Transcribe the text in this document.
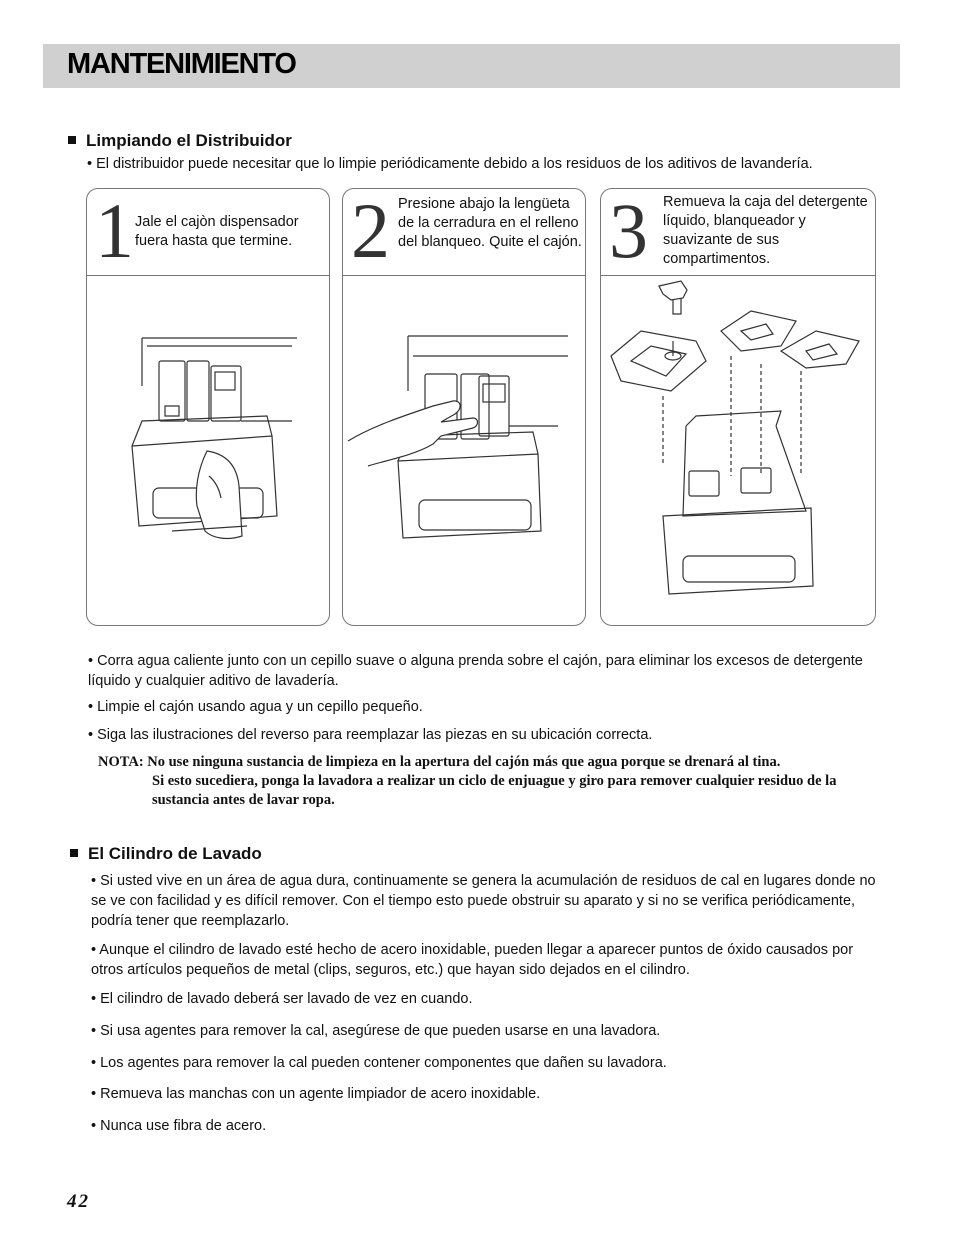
MANTENIMIENTO
Limpiando el Distribuidor
• El distribuidor puede necesitar que lo limpie periódicamente debido a los residuos de los aditivos de lavandería.
1 Jale el cajòn dispensador fuera hasta que termine. 2 Presione abajo la lengüeta de la cerradura en el relleno del blanqueo. Quite el cajón. 3 Remueva la caja del detergente líquido, blanqueador y suavizante de sus compartimentos.
• Corra agua caliente junto con un cepillo suave o alguna prenda sobre el cajón, para eliminar los excesos de detergente líquido y cualquier aditivo de lavadería.
• Limpie el cajón usando agua y un cepillo pequeño.
• Siga las ilustraciones del reverso para reemplazar las piezas en su ubicación correcta.
NOTA: No use ninguna sustancia de limpieza en la apertura del cajón más que agua porque se drenará al tina.
Si esto sucediera, ponga la lavadora a realizar un ciclo de enjuague y giro para remover cualquier residuo de la sustancia antes de lavar ropa.
El Cilindro de Lavado
• Si usted vive en un área de agua dura, continuamente se genera la acumulación de residuos de cal en lugares donde no se ve con facilidad y es difícil remover. Con el tiempo esto puede obstruir su aparato y si no se verifica periódicamente, podría tener que reemplazarlo.
• Aunque el cilindro de lavado esté hecho de acero inoxidable, pueden llegar a aparecer puntos de óxido causados por otros artículos pequeños de metal (clips, seguros, etc.) que hayan sido dejados en el cilindro.
• El cilindro de lavado deberá ser lavado de vez en cuando.
• Si usa agentes para remover la cal, asegúrese de que pueden usarse en una lavadora.
• Los agentes para remover la cal pueden contener componentes que dañen su lavadora.
• Remueva las manchas con un agente limpiador de acero inoxidable.
• Nunca use fibra de acero.
42
